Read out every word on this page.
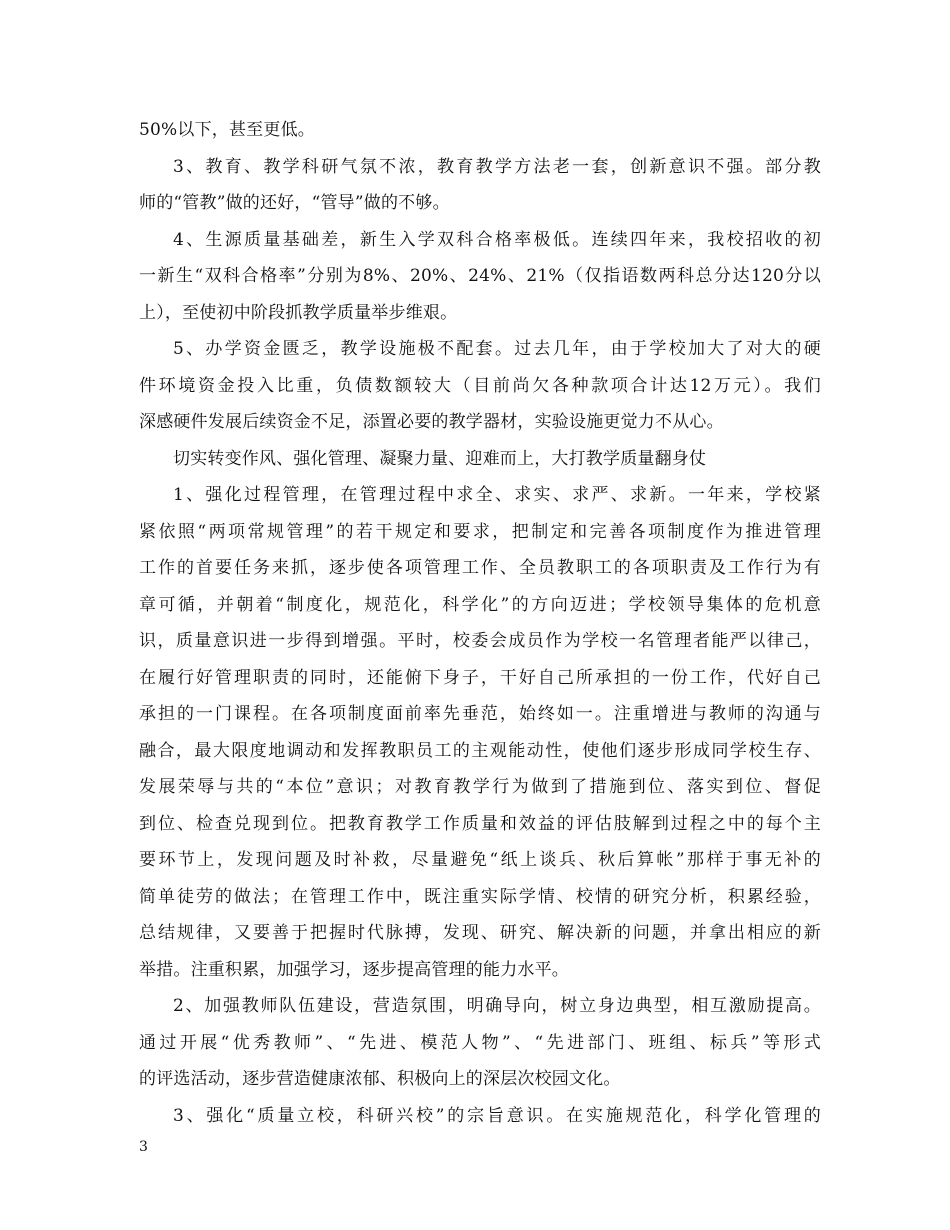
50%以下，甚至更低。
3、教育、教学科研气氛不浓，教育教学方法老一套，创新意识不强。部分教
师的“管教”做的还好，“管导”做的不够。
4、生源质量基础差，新生入学双科合格率极低。连续四年来，我校招收的初
一新生“双科合格率”分别为8%、20%、24%、21%（仅指语数两科总分达120分以
上），至使初中阶段抓教学质量举步维艰。
5、办学资金匮乏，教学设施极不配套。过去几年，由于学校加大了对大的硬
件环境资金投入比重，负债数额较大（目前尚欠各种款项合计达12万元）。我们
深感硬件发展后续资金不足，添置必要的教学器材，实验设施更觉力不从心。
切实转变作风、强化管理、凝聚力量、迎难而上，大打教学质量翻身仗
1、强化过程管理，在管理过程中求全、求实、求严、求新。一年来，学校紧
紧依照“两项常规管理”的若干规定和要求，把制定和完善各项制度作为推进管理
工作的首要任务来抓，逐步使各项管理工作、全员教职工的各项职责及工作行为有
章可循，并朝着“制度化，规范化，科学化”的方向迈进；学校领导集体的危机意
识，质量意识进一步得到增强。平时，校委会成员作为学校一名管理者能严以律己，
在履行好管理职责的同时，还能俯下身子，干好自己所承担的一份工作，代好自己
承担的一门课程。在各项制度面前率先垂范，始终如一。注重增进与教师的沟通与
融合，最大限度地调动和发挥教职员工的主观能动性，使他们逐步形成同学校生存、
发展荣辱与共的“本位”意识；对教育教学行为做到了措施到位、落实到位、督促
到位、检查兑现到位。把教育教学工作质量和效益的评估肢解到过程之中的每个主
要环节上，发现问题及时补救，尽量避免“纸上谈兵、秋后算帐”那样于事无补的
简单徒劳的做法；在管理工作中，既注重实际学情、校情的研究分析，积累经验，
总结规律，又要善于把握时代脉搏，发现、研究、解决新的问题，并拿出相应的新
举措。注重积累，加强学习，逐步提高管理的能力水平。
2、加强教师队伍建设，营造氛围，明确导向，树立身边典型，相互激励提高。
通过开展“优秀教师”、“先进、模范人物”、“先进部门、班组、标兵”等形式
的评选活动，逐步营造健康浓郁、积极向上的深层次校园文化。
3、强化“质量立校，科研兴校”的宗旨意识。在实施规范化，科学化管理的
3
